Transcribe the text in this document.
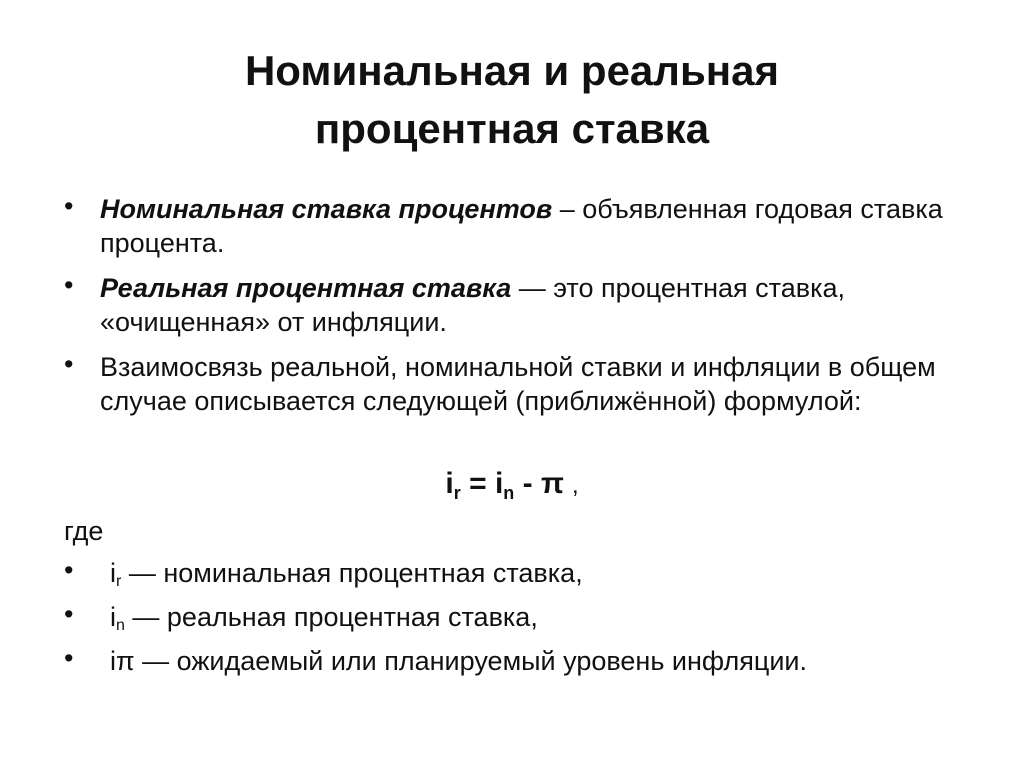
Номинальная и реальная
процентная ставка
• Номинальная ставка процентов – объявленная годовая ставка процента.
• Реальная процентная ставка — это процентная ставка, «очищенная» от инфляции.
• Взаимосвязь реальной, номинальной ставки и инфляции в общем случае описывается следующей (приближённой) формулой:
$i_r = i_n - \pi$ ,
где
• $i_r$ — номинальная процентная ставка,
• $i_n$ — реальная процентная ставка,
• iπ — ожидаемый или планируемый уровень инфляции.
